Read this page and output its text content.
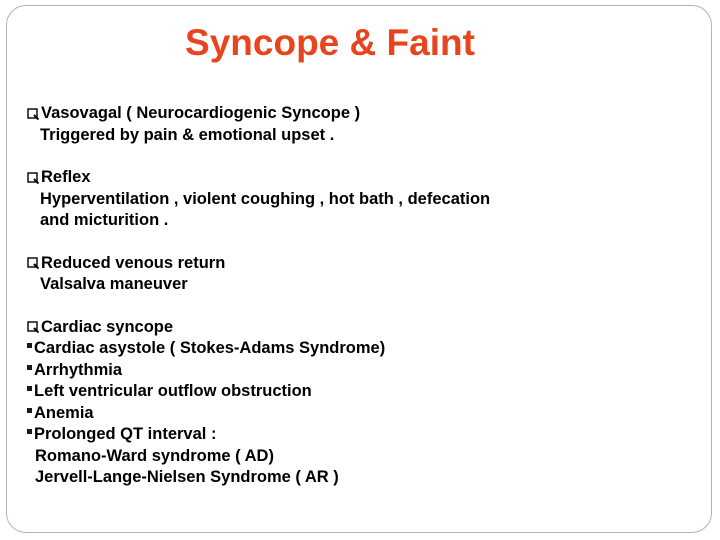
Syncope & Faint
Vasovagal ( Neurocardiogenic Syncope )
Triggered by pain & emotional upset .
Reflex
Hyperventilation , violent coughing , hot bath , defecation
and micturition .
Reduced venous return
Valsalva maneuver
Cardiac syncope
Cardiac asystole ( Stokes-Adams Syndrome)
Arrhythmia
Left ventricular outflow obstruction
Anemia
Prolonged QT interval :
Romano-Ward syndrome ( AD)
Jervell-Lange-Nielsen Syndrome ( AR )
